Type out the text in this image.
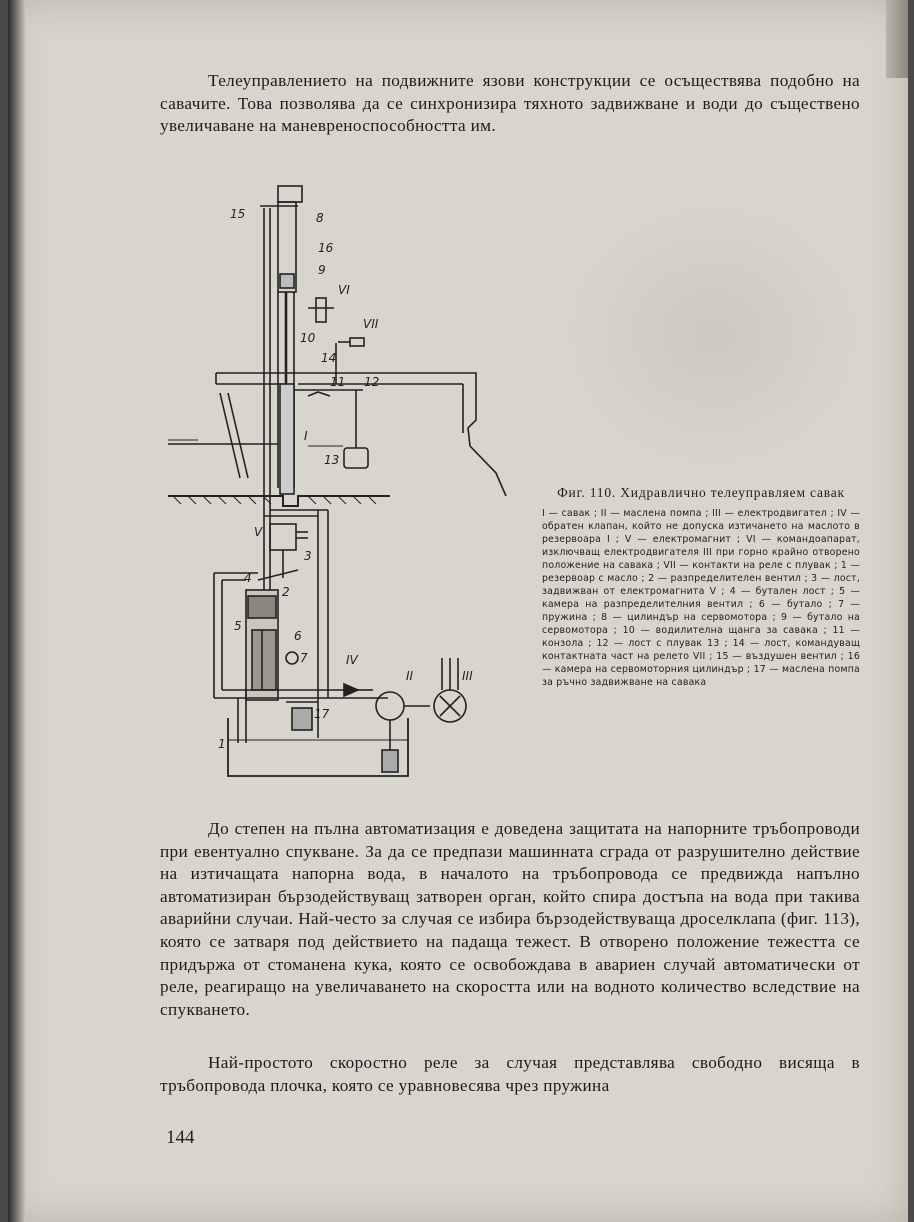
Телеуправлението на подвижните язови конструкции се осъществява подобно на савачите. Това позволява да се синхронизира тяхното задвижване и води до съществено увеличаване на маневреноспособността им.

15	8
16
9
VI
VII
10
14
11 12
I
13
V
3
4
2
5
6
7	IV
II	III
17
1

Фиг. 110. Хидравлично телеуправляем савак

I — савак ; II — маслена помпа ; III — електродвигател ; IV — обратен клапан, който не допуска изтичането на маслото в резервоара I ; V — електромагнит ; VI — командоапарат, изключващ електродвигателя III при горно крайно отворено положение на савака ; VII — контакти на реле с плувак ; 1 — резервоар с масло ; 2 — разпределителен вентил ; 3 — лост, задвижван от електромагнита V ; 4 — бутален лост ; 5 — камера на разпределителния вентил ; 6 — бутало ; 7 — пружина ; 8 — цилиндър на сервомотора ; 9 — бутало на сервомотора ; 10 — водилителна щанга за савака ; 11 — конзола ; 12 — лост с плувак 13 ; 14 — лост, командуващ контактната част на релето VII ; 15 — въздушен вентил ; 16 — камера на сервомоторния цилиндър ; 17 — маслена помпа за ръчно задвижване на савака

До степен на пълна автоматизация е доведена защитата на напорните тръбопроводи при евентуално спукване. За да се предпази машинната сграда от разрушително действие на изтичащата напорна вода, в началото на тръбопровода се предвижда напълно автоматизиран бързодействуващ затворен орган, който спира достъпа на вода при такива аварийни случаи. Най-често за случая се избира бързодействуваща дроселклапа (фиг. 113), която се затваря под действието на падаща тежест. В отворено положение тежестта се придържа от стоманена кука, която се освобождава в авариен случай автоматически от реле, реагиращо на увеличаването на скоростта или на водното количество вследствие на спукването.

Най-простото скоростно реле за случая представлява свободно висяща в тръбопровода плочка, която се уравновесява чрез пружина

144
